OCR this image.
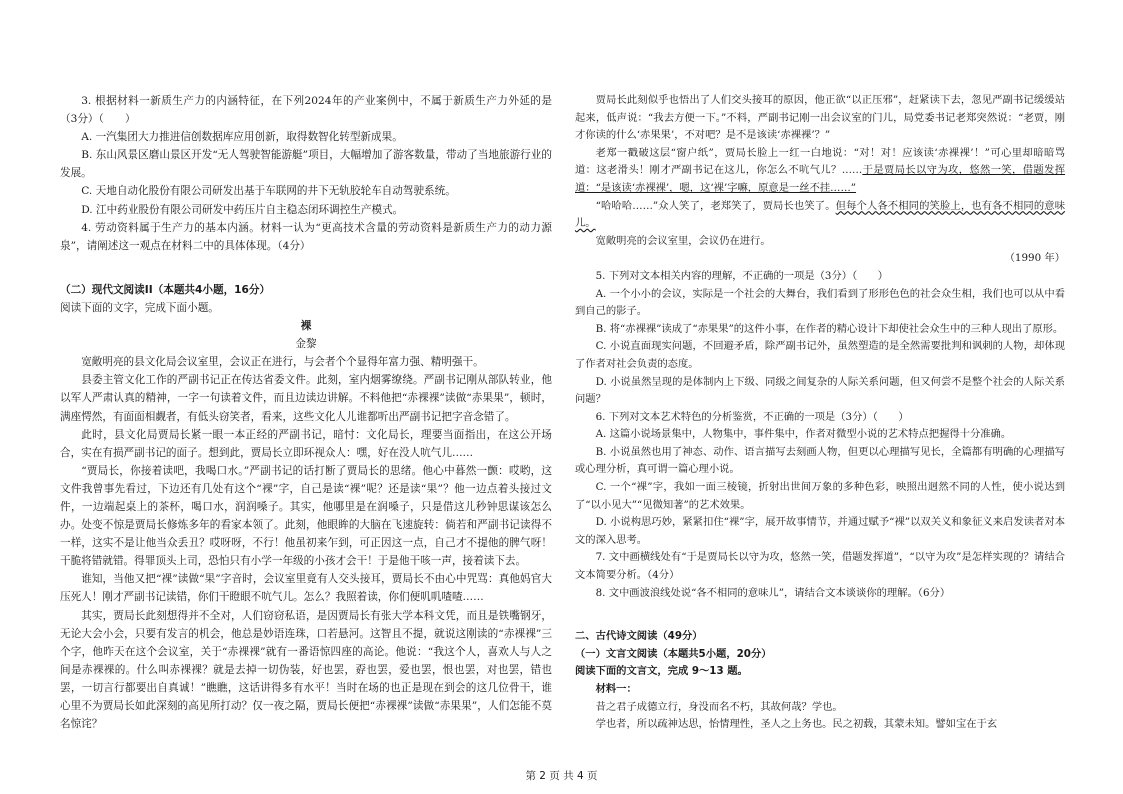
3. 根据材料一新质生产力的内涵特征，在下列2024年的产业案例中，不属于新质生产力外延的是（3分）（　　）

A. 一汽集团大力推进信创数据库应用创新，取得数智化转型新成果。

B. 东山风景区磨山景区开发“无人驾驶智能游艇”项目，大幅增加了游客数量，带动了当地旅游行业的发展。

C. 天地自动化股份有限公司研发出基于车联网的井下无轨胶轮车自动驾驶系统。

D. 江中药业股份有限公司研发中药压片自主稳态闭环调控生产模式。

4. 劳动资料属于生产力的基本内涵。材料一认为“更高技术含量的劳动资料是新质生产力的动力源泉”，请阐述这一观点在材料二中的具体体现。（4分）

（二）现代文阅读II（本题共4小题，16分）

阅读下面的文字，完成下面小题。

裸

金黎

宽敞明亮的县文化局会议室里，会议正在进行，与会者个个显得年富力强、精明强干。

县委主管文化工作的严副书记正在传达省委文件。此刻，室内烟雾缭绕。严副书记刚从部队转业，他以军人严肃认真的精神，一字一句读着文件，而且边读边讲解。不料他把“赤裸裸”读做“赤果果”，顿时，满座愕然，有面面相觑者，有低头窃笑者，看来，这些文化人儿谁都听出严副书记把字音念错了。

此时，县文化局贾局长紧一眼一本正经的严副书记，暗忖：文化局长，理要当面指出，在这公开场合，实在有损严副书记的面子。想到此，贾局长立即环视众人：嘿，好在没人吭气儿……

“贾局长，你接着读吧，我喝口水。”严副书记的话打断了贾局长的思绪。他心中暮然一颤：哎哟，这文件我曾事先看过，下边还有几处有这个“裸”字，自己是读“裸”呢？还是读“果”？他一边点着头接过文件，一边端起桌上的茶杯，喝口水，润润嗓子。其实，他哪里是在润嗓子，只是借这儿秒钟思谋该怎么办。处变不惊是贾局长修炼多年的看家本领了。此刻，他眼眸的大脑在飞速旋转：倘若和严副书记读得不一样，这实不是让他当众丢丑？哎呀呀，不行！他虽初来乍到，可正因这一点，自己才不提他的脾气呀！干脆将错就错。得罪顶头上司，恐怕只有小学一年级的小孩才会干！于是他干咳一声，接着读下去。

谁知，当他又把“裸”读做“果”字音时，会议室里竟有人交头接耳，贾局长不由心中咒骂：真他妈官大压死人！刚才严副书记读错，你们干瞪眼不吭气儿。怎么？我照着读，你们便叽叽喳喳……

其实，贾局长此刻想得并不全对，人们窃窃私语，是因贾局长有张大学本科文凭，而且是铁嘴钢牙，无论大会小会，只要有发言的机会，他总是妙语连珠，口若悬河。这智且不提，就说这刚读的“赤裸裸”三个字，他昨天在这个会议室，关于“赤裸裸”就有一番语惊四座的高论。他说：“我这个人，喜欢人与人之间是赤裸裸的。什么叫赤裸裸？就是去掉一切伪装，好也罢，孬也罢，爱也罢，恨也罢，对也罢，错也罢，一切言行都要出自真诚！”瞧瞧，这话讲得多有水平！当时在场的也正是现在到会的这几位骨干，谁心里不为贾局长如此深刻的高见所打动？仅一夜之隔，贾局长便把“赤裸裸”读做“赤果果”，人们怎能不莫名惊诧？

贾局长此刻似乎也悟出了人们交头接耳的原因，他正欲“以正压邪”，赶紧读下去，忽见严副书记缓缓站起来，低声说：“我去方便一下。”不料，严副书记刚一出会议室的门儿，局党委书记老郑突然说：“老贾，刚才你读的什么‘赤果果’，不对吧？是不是该读‘赤裸裸’？”

老郑一戳破这层“窗户纸”，贾局长脸上一红一白地说：“对！对！应该读‘赤裸裸’！”可心里却暗暗骂道：这老滑头！刚才严副书记在这儿，你怎么不吭气儿？……于是贾局长以守为攻，悠然一笑，借题发挥道：“是该读‘赤裸裸’，嗯，这‘裸’字嘛，原意是一丝不挂……”

“哈哈哈……”众人笑了，老郑笑了，贾局长也笑了。但每个人各不相同的笑脸上，也有各不相同的意味儿。

宽敞明亮的会议室里，会议仍在进行。

（1990 年）

5. 下列对文本相关内容的理解，不正确的一项是（3分）（　　）

A. 一个小小的会议，实际是一个社会的大舞台，我们看到了形形色色的社会众生相，我们也可以从中看到自己的影子。

B. 将“赤裸裸”读成了“赤果果”的这件小事，在作者的精心设计下却使社会众生中的三种人现出了原形。

C. 小说直面现实问题，不回避矛盾，除严副书记外，虽然塑造的是全然需要批判和讽刺的人物，却体现了作者对社会负责的态度。

D. 小说虽然呈现的是体制内上下级、同级之间复杂的人际关系问题，但又何尝不是整个社会的人际关系问题？

6. 下列对文本艺术特色的分析鉴赏，不正确的一项是（3分）（　　）

A. 这篇小说场景集中，人物集中，事件集中，作者对微型小说的艺术特点把握得十分准确。

B. 小说虽然也用了神态、动作、语言描写去刻画人物，但更以心理描写见长，全篇都有明确的心理描写或心理分析，真可谓一篇心理小说。

C. 一个“裸”字，我如一面三棱镜，折射出世间万象的多种色彩，映照出迥然不同的人性，使小说达到了“以小见大”“见微知著”的艺术效果。

D. 小说构思巧妙，紧紧扣住“裸”字，展开故事情节，并通过赋予“裸”以双关义和象征义来启发读者对本文的深入思考。

7. 文中画横线处有“于是贾局长以守为攻，悠然一笑，借题发挥道”，“以守为攻”是怎样实现的？请结合文本简要分析。（4分）

8. 文中画波浪线处说“各不相同的意味儿”，请结合文本谈谈你的理解。（6分）

二、古代诗文阅读（49分）

（一）文言文阅读（本题共5小题，20分）

阅读下面的文言文，完成 9～13 题。

材料一：

昔之君子成德立行，身没而名不朽，其故何哉？学也。

学也者，所以疏神达思，怡情理性，圣人之上务也。民之初载，其蒙未知。譬如宝在于玄

第 2 页 共 4 页
